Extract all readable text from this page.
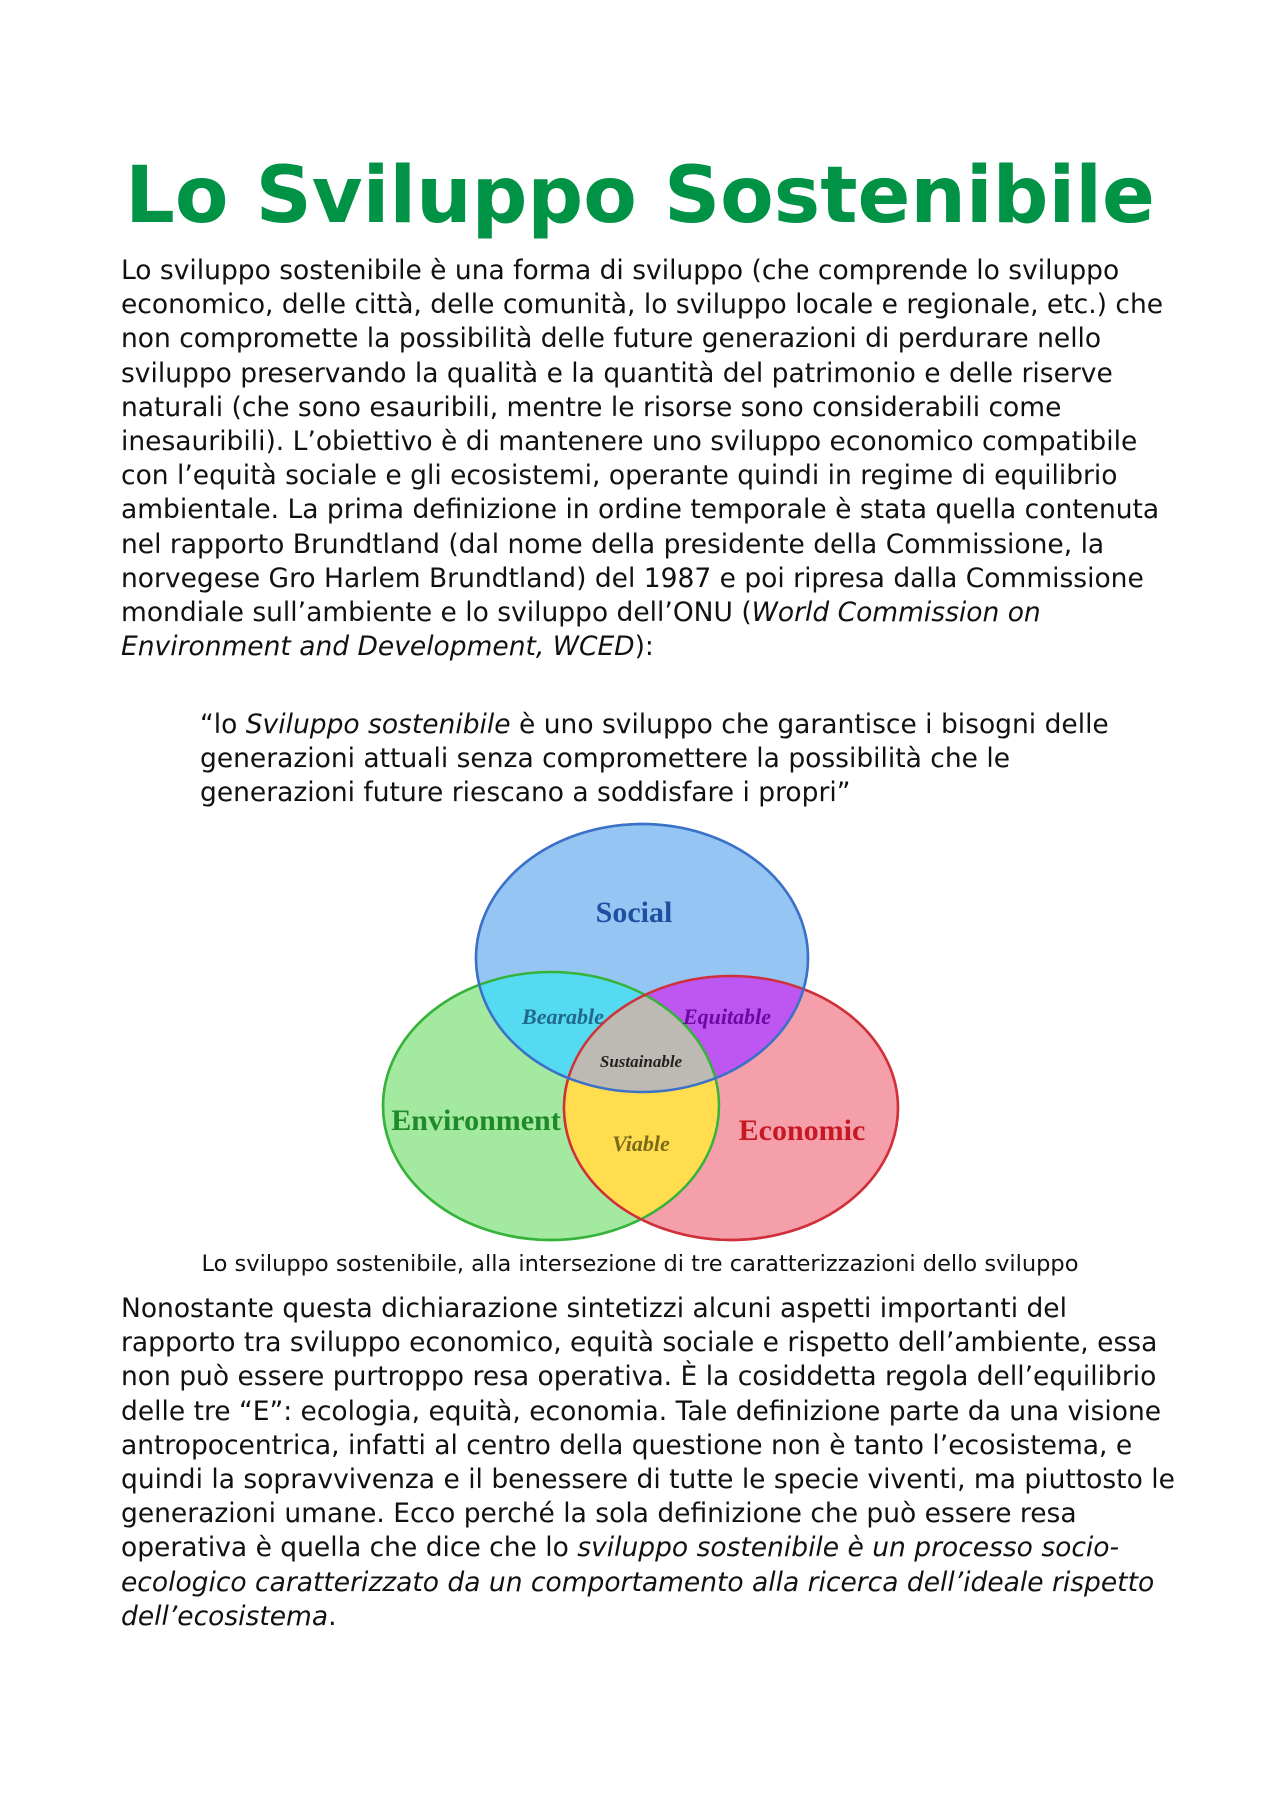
Lo Sviluppo Sostenibile

Lo sviluppo sostenibile è una forma di sviluppo (che comprende lo sviluppo economico, delle città, delle comunità, lo sviluppo locale e regionale, etc.) che non compromette la possibilità delle future generazioni di perdurare nello sviluppo preservando la qualità e la quantità del patrimonio e delle riserve naturali (che sono esauribili, mentre le risorse sono considerabili come inesauribili). L’obiettivo è di mantenere uno sviluppo economico compatibile con l’equità sociale e gli ecosistemi, operante quindi in regime di equilibrio ambientale. La prima definizione in ordine temporale è stata quella contenuta nel rapporto Brundtland (dal nome della presidente della Commissione, la norvegese Gro Harlem Brundtland) del 1987 e poi ripresa dalla Commissione mondiale sull’ambiente e lo sviluppo dell’ONU (World Commission on Environment and Development, WCED):

“lo Sviluppo sostenibile è uno sviluppo che garantisce i bisogni delle generazioni attuali senza compromettere la possibilità che le generazioni future riescano a soddisfare i propri”

Social
Environment	Economic
Bearable	Equitable
Viable
Sustainable

Lo sviluppo sostenibile, alla intersezione di tre caratterizzazioni dello sviluppo

Nonostante questa dichiarazione sintetizzi alcuni aspetti importanti del rapporto tra sviluppo economico, equità sociale e rispetto dell’ambiente, essa non può essere purtroppo resa operativa. È la cosiddetta regola dell’equilibrio delle tre “E”: ecologia, equità, economia. Tale definizione parte da una visione antropocentrica, infatti al centro della questione non è tanto l’ecosistema, e quindi la sopravvivenza e il benessere di tutte le specie viventi, ma piuttosto le generazioni umane. Ecco perché la sola definizione che può essere resa operativa è quella che dice che lo sviluppo sostenibile è un processo socio-ecologico caratterizzato da un comportamento alla ricerca dell’ideale rispetto dell’ecosistema.
